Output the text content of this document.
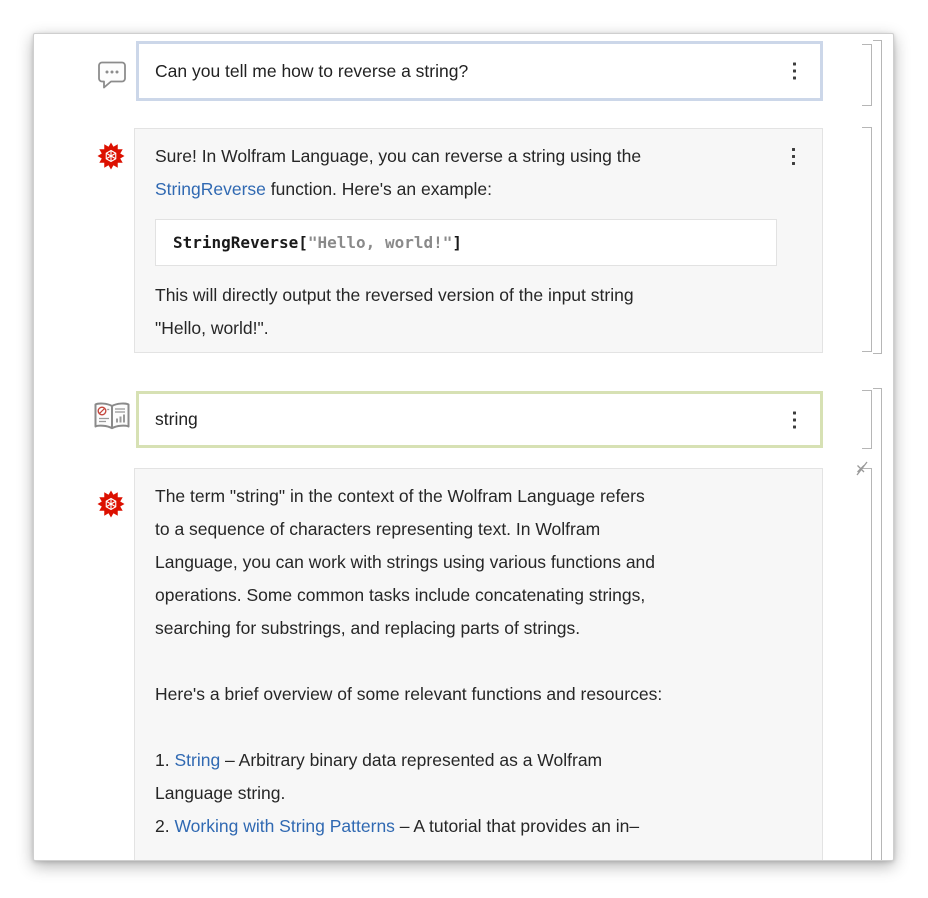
Can you tell me how to reverse a string?
Sure! In Wolfram Language, you can reverse a string using the
StringReverse function. Here's an example:
StringReverse [ "Hello, world!" ]
This will directly output the reversed version of the input string
"Hello, world!".
string
The term "string" in the context of the Wolfram Language refers
to a sequence of characters representing text. In Wolfram
Language, you can work with strings using various functions and
operations. Some common tasks include concatenating strings,
searching for substrings, and replacing parts of strings.
Here's a brief overview of some relevant functions and resources:
1. String – Arbitrary binary data represented as a Wolfram
Language string.
2. Working with String Patterns – A tutorial that provides an in–
